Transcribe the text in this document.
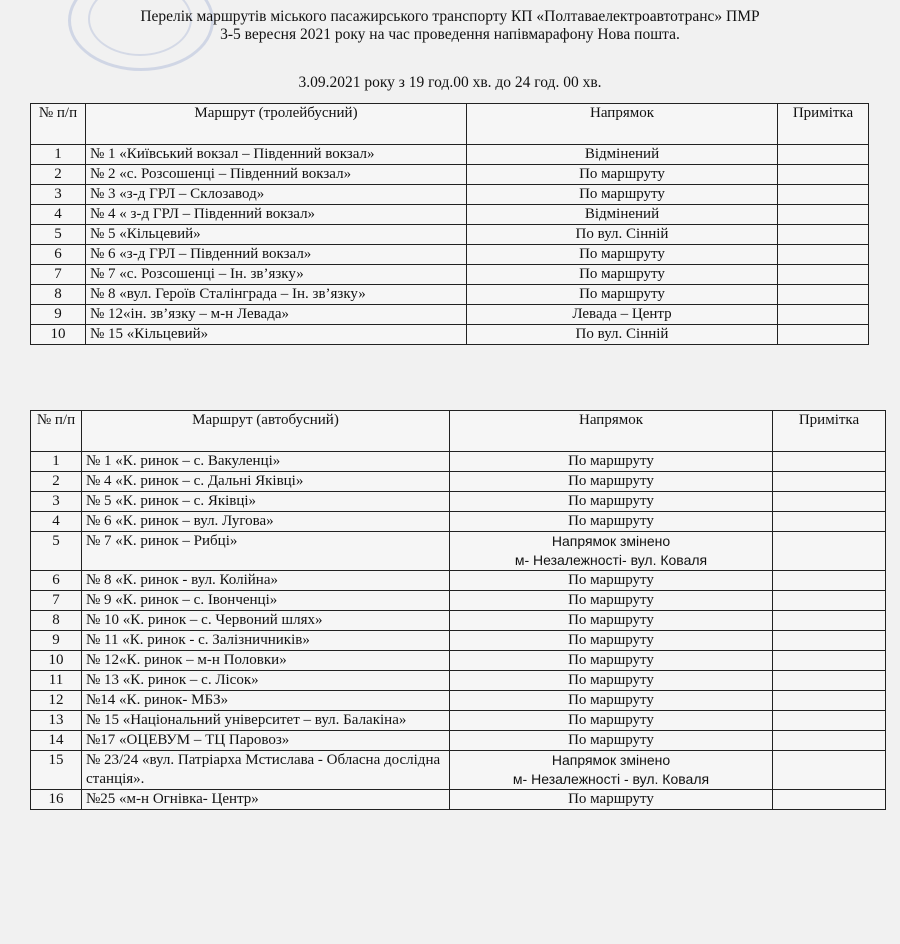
Перелік маршрутів міського пасажирського транспорту КП «Полтаваелектроавтотранс» ПМР
3-5 вересня 2021 року на час проведення напівмарафону Нова пошта.
3.09.2021 року з 19 год.00 хв. до 24 год. 00 хв.
№ п/п	Маршрут (тролейбусний)	Напрямок	Примітка
1	№ 1 «Київський вокзал – Південний вокзал»	Відмінений	
2	№ 2 «с. Розсошенці – Південний вокзал»	По маршруту	
3	№ 3 «з-д ГРЛ – Склозавод»	По маршруту	
4	№ 4 « з-д ГРЛ – Південний вокзал»	Відмінений	
5	№ 5 «Кільцевий»	По вул. Сінній	
6	№ 6 «з-д ГРЛ – Південний вокзал»	По маршруту	
7	№ 7 «с. Розсошенці – Ін. зв’язку»	По маршруту	
8	№ 8 «вул. Героїв Сталінграда – Ін. зв’язку»	По маршруту	
9	№ 12«ін. зв’язку – м-н Левада»	Левада – Центр	
10	№ 15 «Кільцевий»	По вул. Сінній	
№ п/п	Маршрут (автобусний)	Напрямок	Примітка
1	№ 1 «К. ринок – с. Вакуленці»	По маршруту	
2	№ 4 «К. ринок – с. Дальні Яківці»	По маршруту	
3	№ 5 «К. ринок – с. Яківці»	По маршруту	
4	№ 6 «К. ринок – вул. Лугова»	По маршруту	
5	№ 7 «К. ринок – Рибці»	Напрямок змінено
м- Незалежності- вул. Коваля	
6	№ 8 «К. ринок - вул. Колійна»	По маршруту	
7	№ 9 «К. ринок – с. Івонченці»	По маршруту	
8	№ 10 «К. ринок – с. Червоний шлях»	По маршруту	
9	№ 11 «К. ринок - с. Залізничників»	По маршруту	
10	№ 12«К. ринок – м-н Половки»	По маршруту	
11	№ 13 «К. ринок – с. Лісок»	По маршруту	
12	№14 «К. ринок- МБЗ»	По маршруту	
13	№ 15 «Національний університет – вул. Балакіна»	По маршруту	
14	№17 «ОЦЕВУМ – ТЦ Паровоз»	По маршруту	
15	№ 23/24 «вул. Патріарха Мстислава - Обласна дослідна станція».	Напрямок змінено
м- Незалежності - вул. Коваля	
16	№25 «м-н Огнівка- Центр»	По маршруту	
